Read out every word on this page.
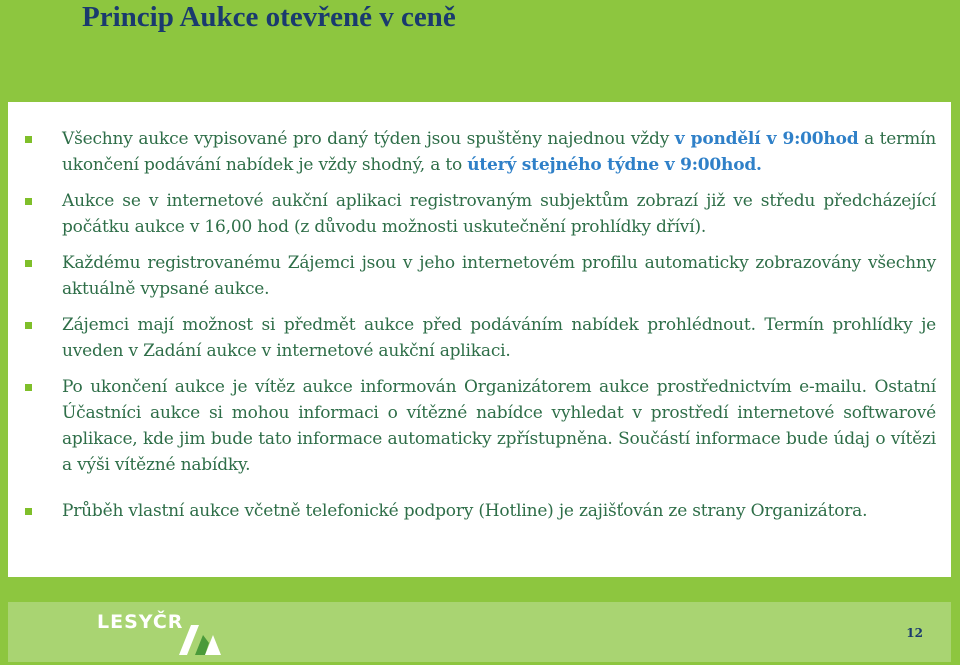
Princip Aukce otevřené v ceně
Všechny aukce vypisované pro daný týden jsou spuštěny najednou vždy v pondělí v 9:00hod a termín ukončení podávání nabídek je vždy shodný, a to úterý stejného týdne v 9:00hod.
Aukce se v internetové aukční aplikaci registrovaným subjektům zobrazí již ve středu předcházející počátku aukce v 16,00 hod (z důvodu možnosti uskutečnění prohlídky dříví).
Každému registrovanému Zájemci jsou v jeho internetovém profilu automaticky zobrazovány všechny aktuálně vypsané aukce.
Zájemci mají možnost si předmět aukce před podáváním nabídek prohlédnout. Termín prohlídky je uveden v Zadání aukce v internetové aukční aplikaci.
Po ukončení aukce je vítěz aukce informován Organizátorem aukce prostřednictvím e-mailu. Ostatní Účastníci aukce si mohou informaci o vítězné nabídce vyhledat v prostředí internetové softwarové aplikace, kde jim bude tato informace automaticky zpřístupněna. Součástí informace bude údaj o vítězi a výši vítězné nabídky.
Průběh vlastní aukce včetně telefonické podpory (Hotline) je zajišťován ze strany Organizátora.
LESYČR	12
